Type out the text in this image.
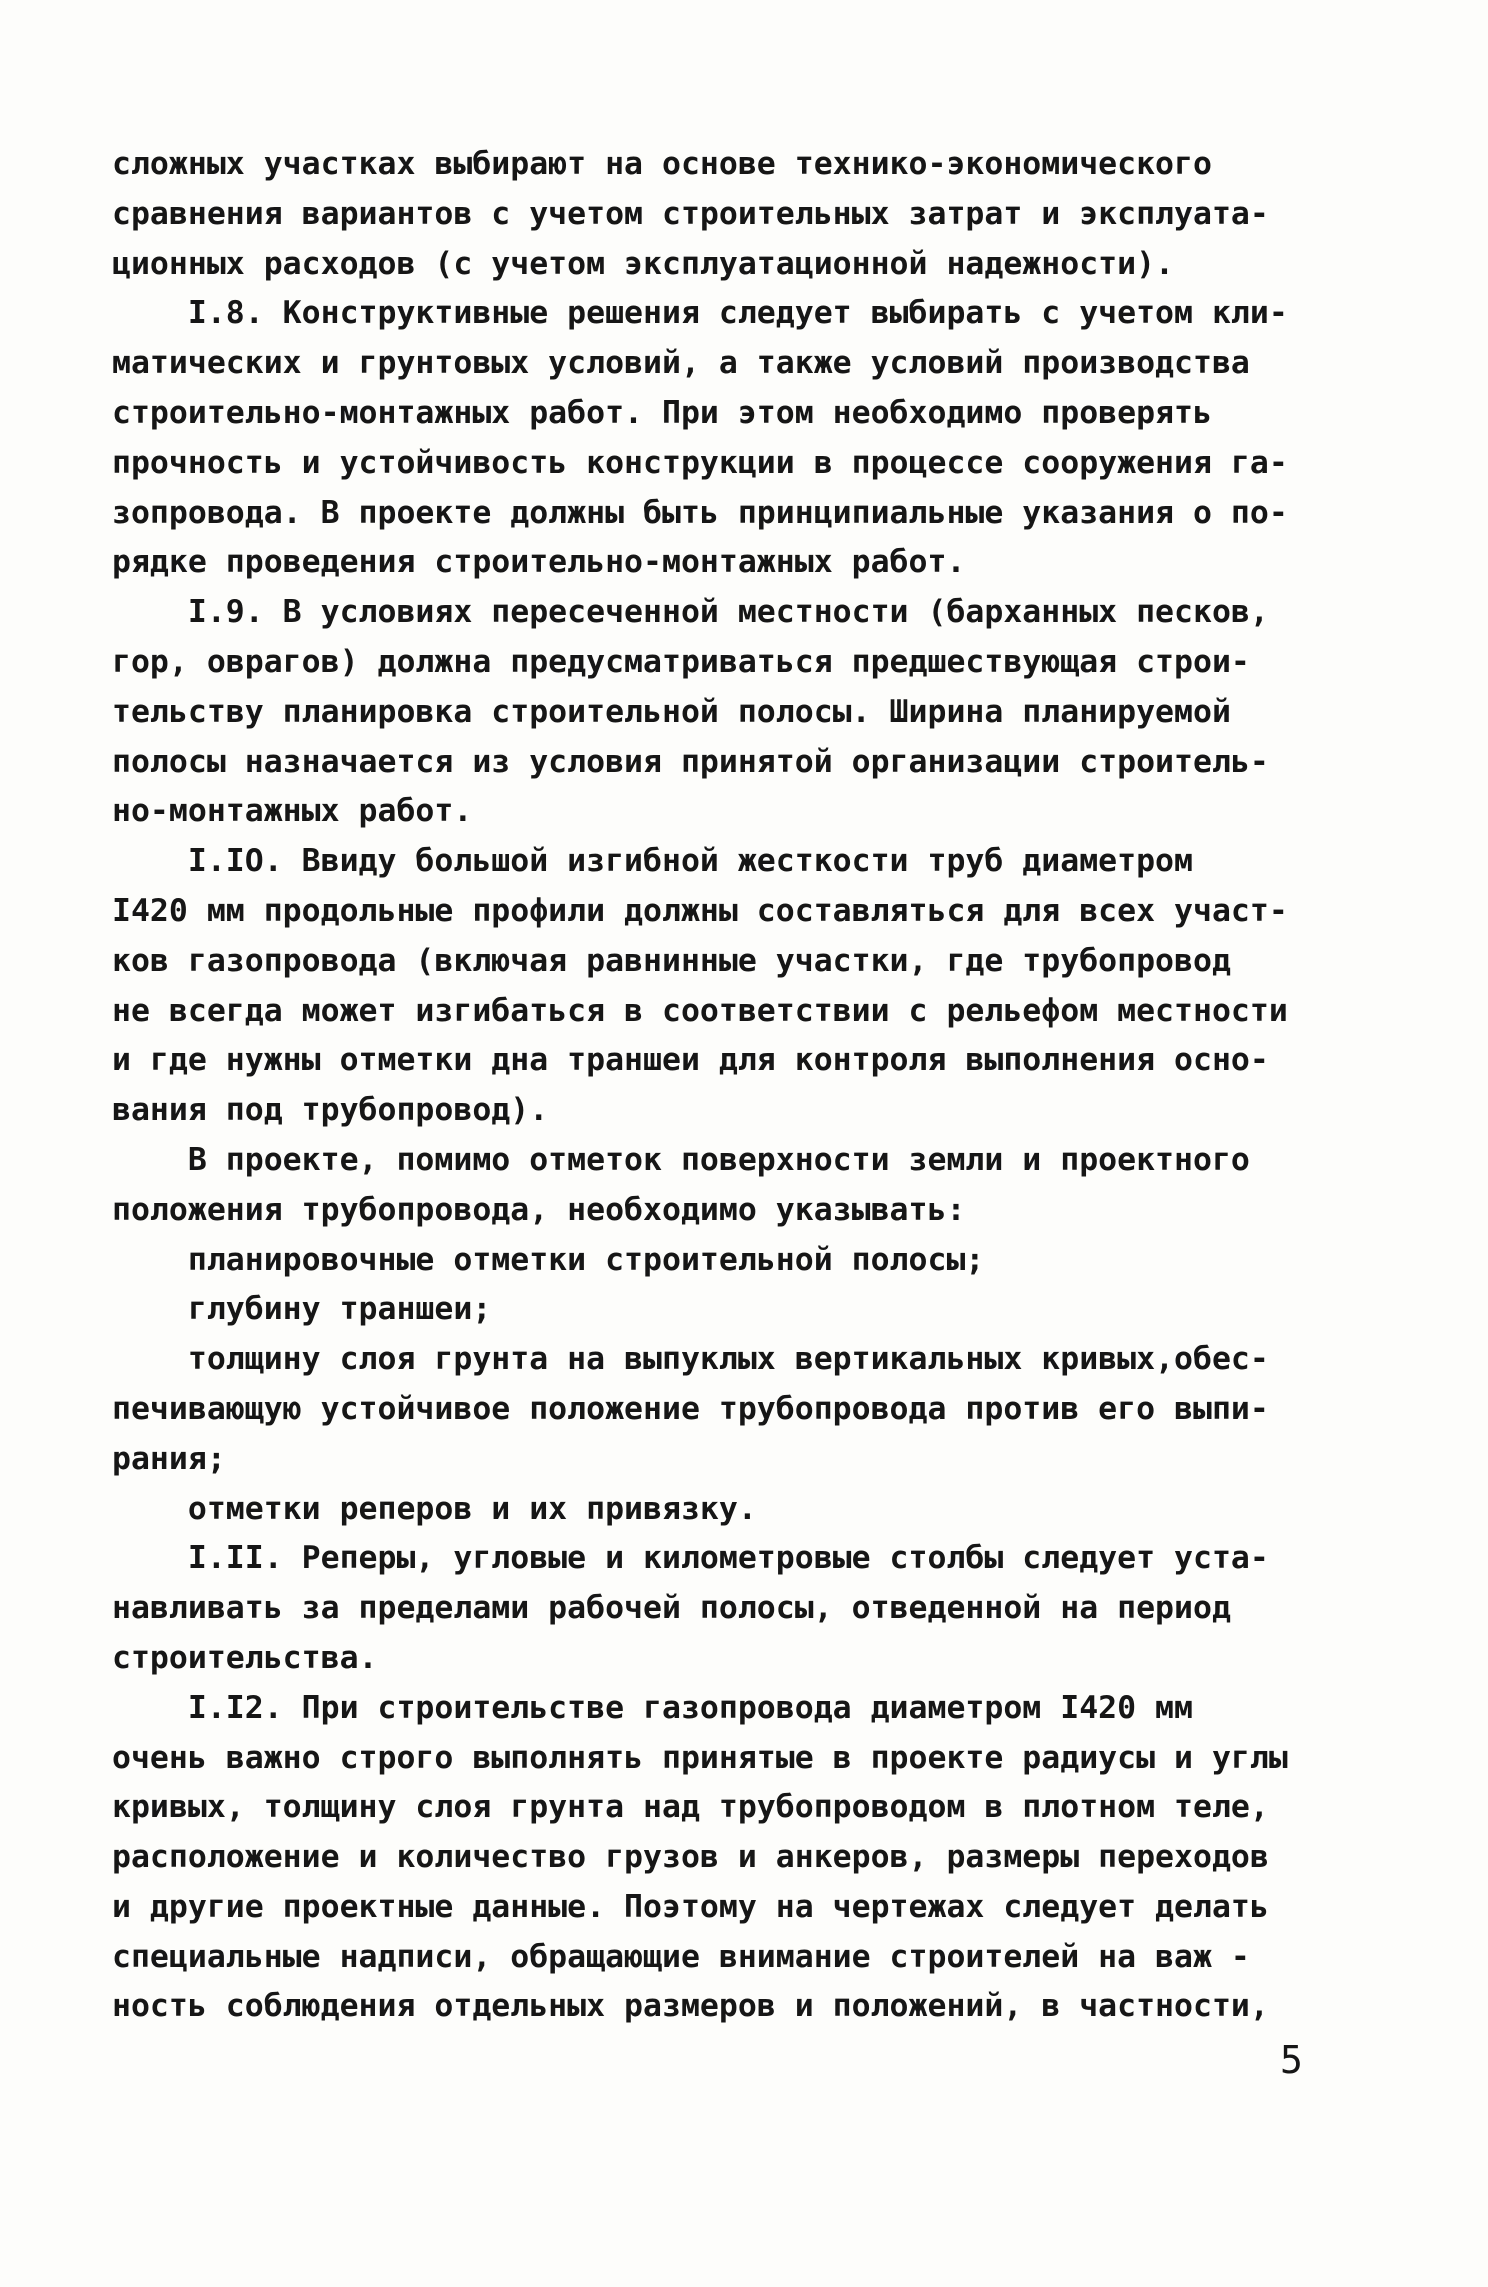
сложных участках выбирают на основе технико-экономического
сравнения вариантов с учетом строительных затрат и эксплуата-
ционных расходов (с учетом эксплуатационной надежности).
I.8. Конструктивные решения следует выбирать с учетом кли-
матических и грунтовых условий, а также условий производства
строительно-монтажных работ. При этом необходимо проверять
прочность и устойчивость конструкции в процессе сооружения га-
зопровода. В проекте должны быть принципиальные указания о по-
рядке проведения строительно-монтажных работ.
I.9. В условиях пересеченной местности (барханных песков,
гор, оврагов) должна предусматриваться предшествующая строи-
тельству планировка строительной полосы. Ширина планируемой
полосы назначается из условия принятой организации строитель-
но-монтажных работ.
I.IO. Ввиду большой изгибной жесткости труб диаметром
I420 мм продольные профили должны составляться для всех участ-
ков газопровода (включая равнинные участки, где трубопровод
не всегда может изгибаться в соответствии с рельефом местности
и где нужны отметки дна траншеи для контроля выполнения осно-
вания под трубопровод).
В проекте, помимо отметок поверхности земли и проектного
положения трубопровода, необходимо указывать:
планировочные отметки строительной полосы;
глубину траншеи;
толщину слоя грунта на выпуклых вертикальных кривых,обес-
печивающую устойчивое положение трубопровода против его выпи-
рания;
отметки реперов и их привязку.
I.II. Реперы, угловые и километровые столбы следует уста-
навливать за пределами рабочей полосы, отведенной на период
строительства.
I.I2. При строительстве газопровода диаметром I420 мм
очень важно строго выполнять принятые в проекте радиусы и углы
кривых, толщину слоя грунта над трубопроводом в плотном теле,
расположение и количество грузов и анкеров, размеры переходов
и другие проектные данные. Поэтому на чертежах следует делать
специальные надписи, обращающие внимание строителей на важ -
ность соблюдения отдельных размеров и положений, в частности,
5
